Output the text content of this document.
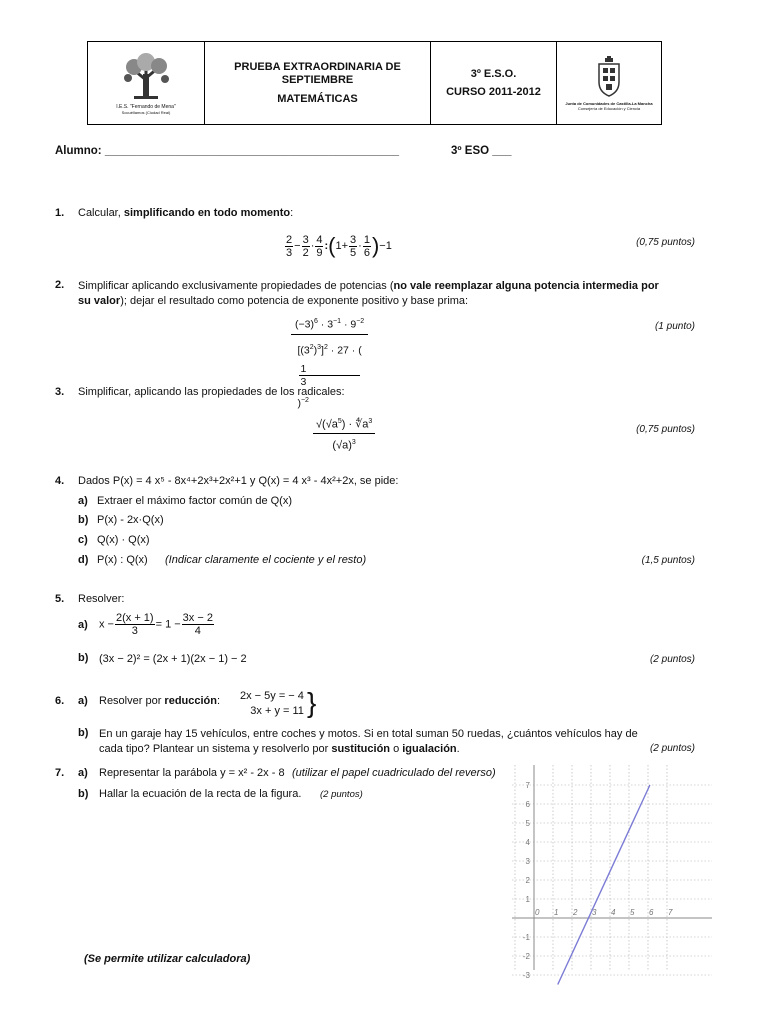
I.E.S. "Fernando de Mena"
Socuéllamos (Ciudad Real)
PRUEBA EXTRAORDINARIA DE
SEPTIEMBRE
MATEMÁTICAS
3º E.S.O.
CURSO 2011-2012
Junta de Comunidades de Castilla-La Mancha
Consejería de Educación y Ciencia
Alumno: ______________________________________________	3º ESO ___
1. Calcular, simplificando en todo momento:
$\frac{2}{3} - \frac{3}{2} \cdot \frac{4}{9}$ :(1+ $\frac{3}{5} \cdot \frac{1}{6} )-1$	(0,75 puntos)
2. Simplificar aplicando exclusivamente propiedades de potencias (no vale reemplazar alguna potencia intermedia por
su valor); dejar el resultado como potencia de exponente positivo y base prima:
$(-3)^6 \cdot 3^{-1} \cdot 9^{-2}$
$[(3^2)^3]^2 \cdot 27$ · (
1
3
)$^{-2}$	(1 punto)
3. Simplificar, aplicando las propiedades de los radicales:
$\frac{√(√a^5) \cdot ∜a^3}{(√a)^3}$	(0,75 puntos)
4. Dados P(x) = 4 x⁵ - 8x⁴+2x³+2x²+1 y Q(x) = 4 x³ - 4x²+2x, se pide:
a) Extraer el máximo factor común de Q(x)
b) P(x) - 2x·Q(x)
c) Q(x) · Q(x)
d) P(x) : Q(x) (Indicar claramente el cociente y el resto)	(1,5 puntos)
5. Resolver:
a) $x - \frac{2(x + 1)}{3} = 1 - \frac{3x - 2}{4}$
b) (3x − 2)² = (2x + 1)(2x − 1) − 2	(2 puntos)
6. a) Resolver por reducción: 2x − 5y = − 4
3x + y = 11 }
b) En un garaje hay 15 vehículos, entre coches y motos. Si en total suman 50 ruedas, ¿cuántos vehículos hay de
cada tipo? Plantear un sistema y resolverlo por sustitución o igualación.	(2 puntos)
7. a) Representar la parábola y = x² - 2x - 8 (utilizar el papel cuadriculado del reverso)
b) Hallar la ecuación de la recta de la figura. (2 puntos)
0 1 2 3 4 5 6 7
7
6
5
4
3
2
1
-1
-2
-3
(Se permite utilizar calculadora)
